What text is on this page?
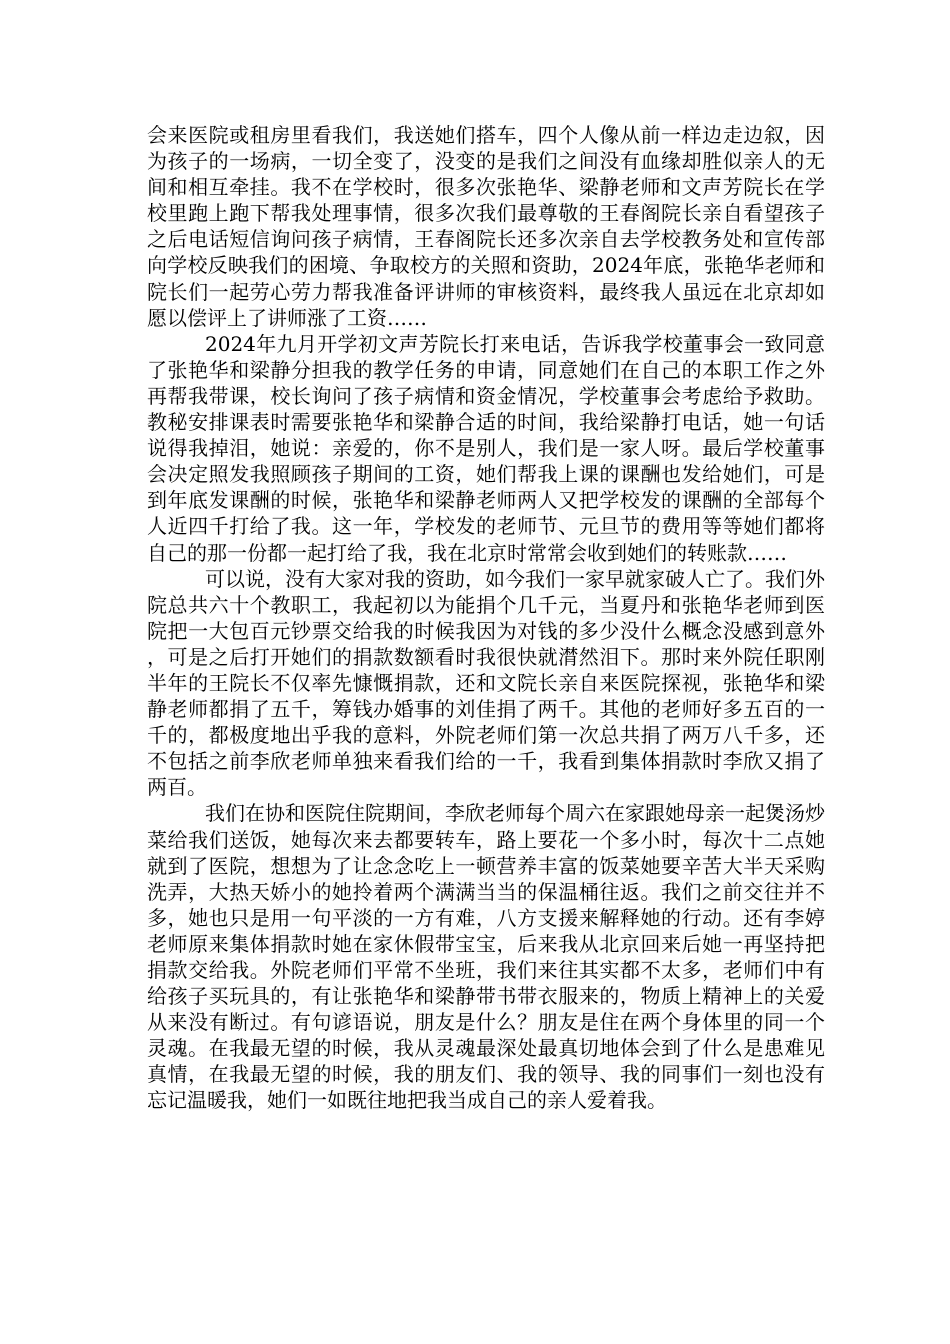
会来医院或租房里看我们，我送她们搭车，四个人像从前一样边走边叙，因为孩子的一场病，一切全变了，没变的是我们之间没有血缘却胜似亲人的无间和相互牵挂。我不在学校时，很多次张艳华、梁静老师和文声芳院长在学校里跑上跑下帮我处理事情，很多次我们最尊敬的王春阁院长亲自看望孩子之后电话短信询问孩子病情，王春阁院长还多次亲自去学校教务处和宣传部向学校反映我们的困境、争取校方的关照和资助，2024年底，张艳华老师和院长们一起劳心劳力帮我准备评讲师的审核资料，最终我人虽远在北京却如愿以偿评上了讲师涨了工资……

2024年九月开学初文声芳院长打来电话，告诉我学校董事会一致同意了张艳华和梁静分担我的教学任务的申请，同意她们在自己的本职工作之外再帮我带课，校长询问了孩子病情和资金情况，学校董事会考虑给予救助。教秘安排课表时需要张艳华和梁静合适的时间，我给梁静打电话，她一句话说得我掉泪，她说：亲爱的，你不是别人，我们是一家人呀。最后学校董事会决定照发我照顾孩子期间的工资，她们帮我上课的课酬也发给她们，可是到年底发课酬的时候，张艳华和梁静老师两人又把学校发的课酬的全部每个人近四千打给了我。这一年，学校发的老师节、元旦节的费用等等她们都将自己的那一份都一起打给了我，我在北京时常常会收到她们的转账款……

可以说，没有大家对我的资助，如今我们一家早就家破人亡了。我们外院总共六十个教职工，我起初以为能捐个几千元，当夏丹和张艳华老师到医院把一大包百元钞票交给我的时候我因为对钱的多少没什么概念没感到意外，可是之后打开她们的捐款数额看时我很快就潸然泪下。那时来外院任职刚半年的王院长不仅率先慷慨捐款，还和文院长亲自来医院探视，张艳华和梁静老师都捐了五千，筹钱办婚事的刘佳捐了两千。其他的老师好多五百的一千的，都极度地出乎我的意料，外院老师们第一次总共捐了两万八千多，还不包括之前李欣老师单独来看我们给的一千，我看到集体捐款时李欣又捐了两百。

我们在协和医院住院期间，李欣老师每个周六在家跟她母亲一起煲汤炒菜给我们送饭，她每次来去都要转车，路上要花一个多小时，每次十二点她就到了医院，想想为了让念念吃上一顿营养丰富的饭菜她要辛苦大半天采购洗弄，大热天娇小的她拎着两个满满当当的保温桶往返。我们之前交往并不多，她也只是用一句平淡的一方有难，八方支援来解释她的行动。还有李婷老师原来集体捐款时她在家休假带宝宝，后来我从北京回来后她一再坚持把捐款交给我。外院老师们平常不坐班，我们来往其实都不太多，老师们中有给孩子买玩具的，有让张艳华和梁静带书带衣服来的，物质上精神上的关爱从来没有断过。有句谚语说，朋友是什么？朋友是住在两个身体里的同一个灵魂。在我最无望的时候，我从灵魂最深处最真切地体会到了什么是患难见真情，在我最无望的时候，我的朋友们、我的领导、我的同事们一刻也没有忘记温暖我，她们一如既往地把我当成自己的亲人爱着我。
